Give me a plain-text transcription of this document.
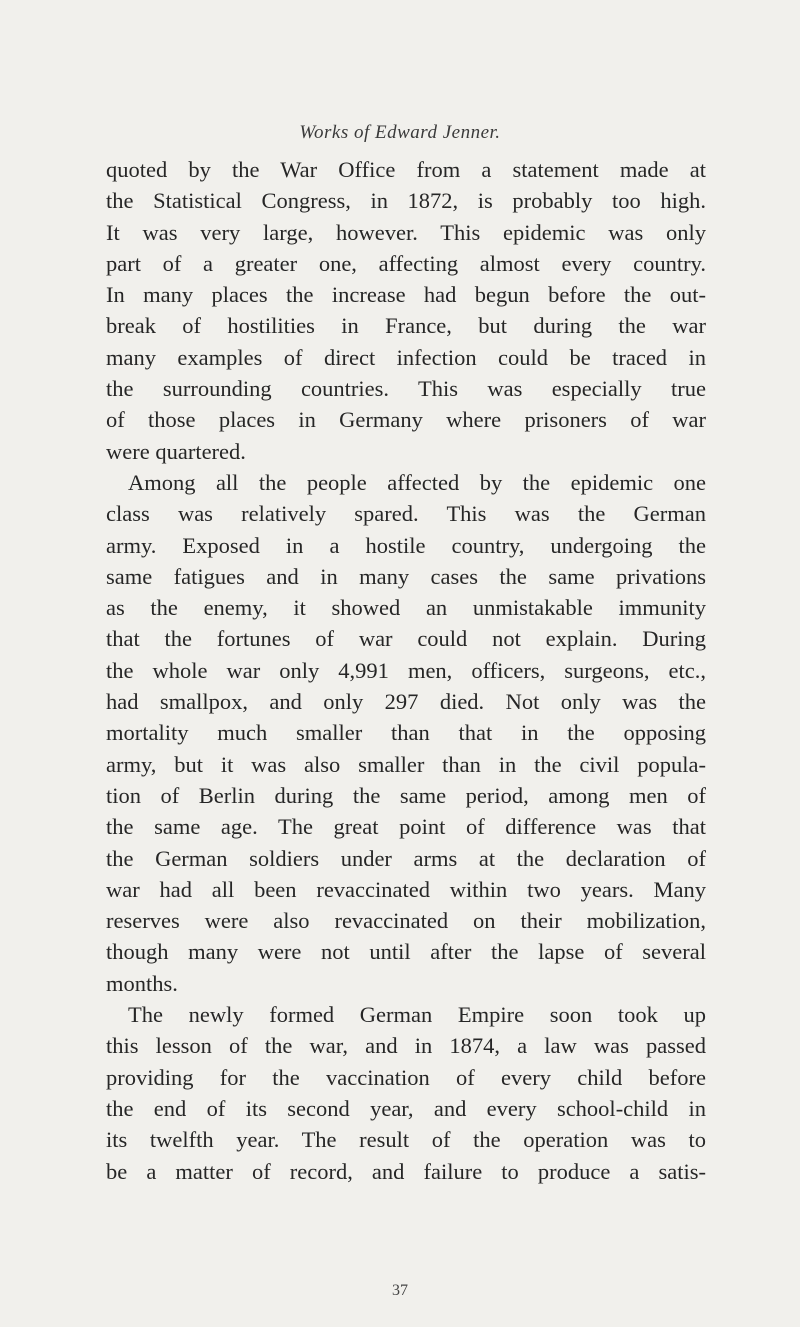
Works of Edward Jenner.
quoted by the War Office from a statement made at
the Statistical Congress, in 1872, is probably too high.
It was very large, however. This epidemic was only
part of a greater one, affecting almost every country.
In many places the increase had begun before the out-
break of hostilities in France, but during the war
many examples of direct infection could be traced in
the surrounding countries. This was especially true
of those places in Germany where prisoners of war
were quartered.
Among all the people affected by the epidemic one
class was relatively spared. This was the German
army. Exposed in a hostile country, undergoing the
same fatigues and in many cases the same privations
as the enemy, it showed an unmistakable immunity
that the fortunes of war could not explain. During
the whole war only 4,991 men, officers, surgeons, etc.,
had smallpox, and only 297 died. Not only was the
mortality much smaller than that in the opposing
army, but it was also smaller than in the civil popula-
tion of Berlin during the same period, among men of
the same age. The great point of difference was that
the German soldiers under arms at the declaration of
war had all been revaccinated within two years. Many
reserves were also revaccinated on their mobilization,
though many were not until after the lapse of several
months.
The newly formed German Empire soon took up
this lesson of the war, and in 1874, a law was passed
providing for the vaccination of every child before
the end of its second year, and every school-child in
its twelfth year. The result of the operation was to
be a matter of record, and failure to produce a satis-
37
